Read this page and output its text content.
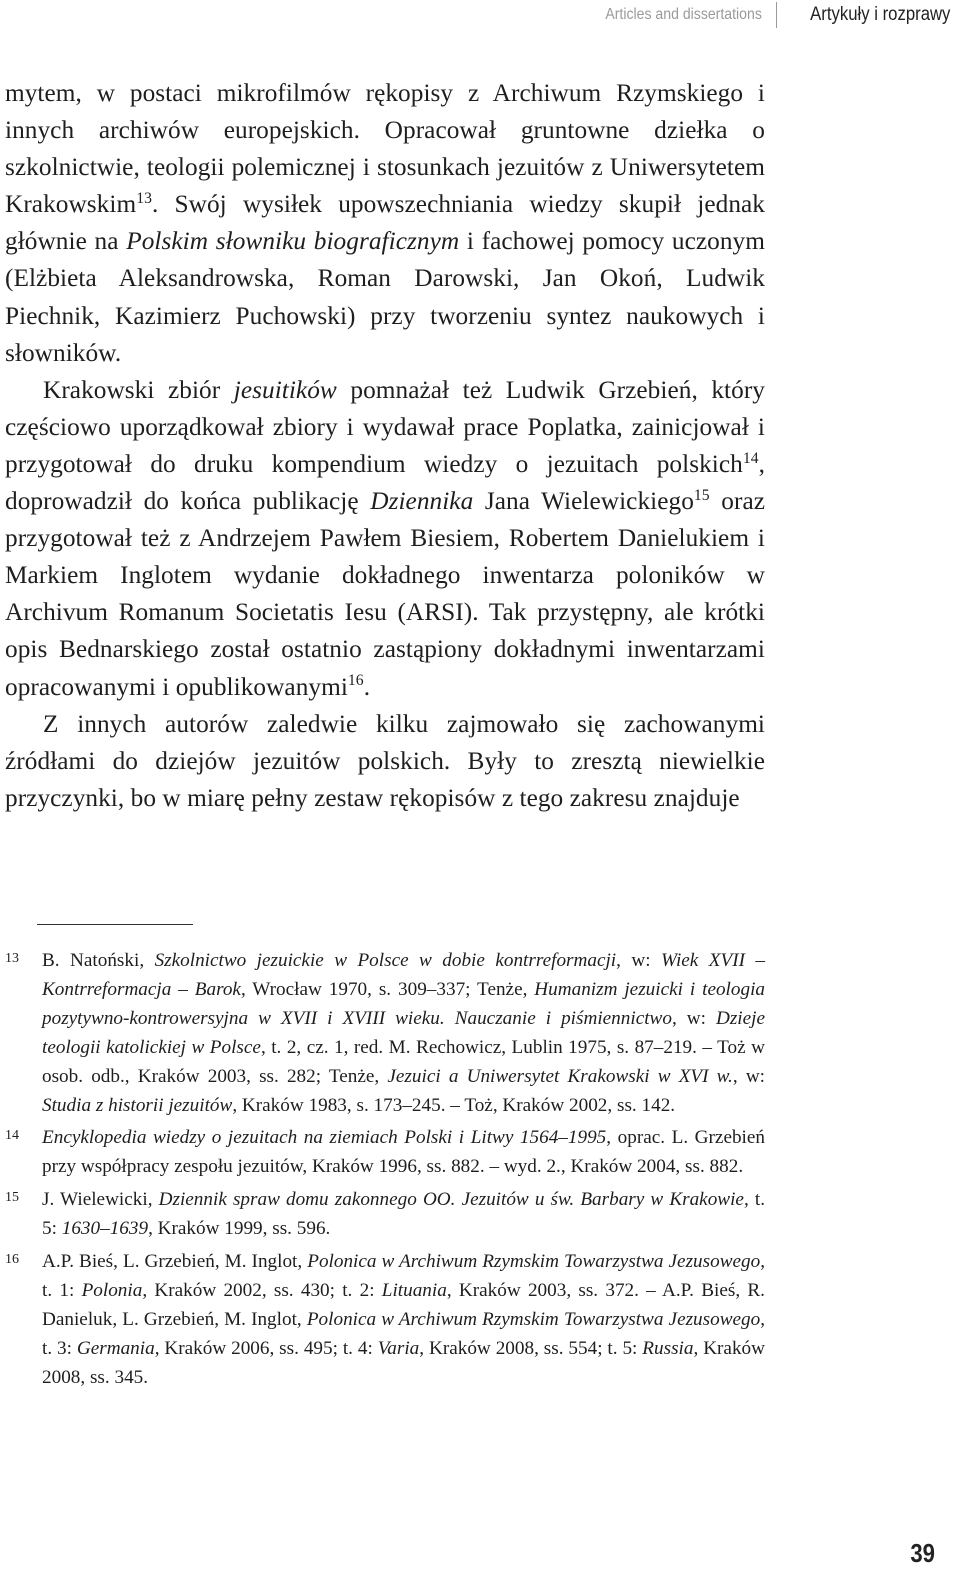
Articles and dissertations	Artykuły i rozprawy

mytem, w postaci mikrofilmów rękopisy z Archiwum Rzymskiego i innych archiwów europejskich. Opracował gruntowne dziełka o szkolnictwie, teologii polemicznej i stosunkach jezuitów z Uniwersytetem Krakowskim$^{13}$. Swój wysiłek upowszechniania wiedzy skupił jednak głównie na Polskim słowniku biograficznym i fachowej pomocy uczonym (Elżbieta Aleksandrowska, Roman Darowski, Jan Okoń, Ludwik Piechnik, Kazimierz Puchowski) przy tworzeniu syntez naukowych i słowników.

Krakowski zbiór jesuitików pomnażał też Ludwik Grzebień, który częściowo uporządkował zbiory i wydawał prace Poplatka, zainicjował i przygotował do druku kompendium wiedzy o jezuitach polskich$^{14}$, doprowadził do końca publikację Dziennika Jana Wielewickiego$^{15}$ oraz przygotował też z Andrzejem Pawłem Biesiem, Robertem Danielukiem i Markiem Inglotem wydanie dokładnego inwentarza poloników w Archivum Romanum Societatis Iesu (ARSI). Tak przystępny, ale krótki opis Bednarskiego został ostatnio zastąpiony dokładnymi inwentarzami opracowanymi i opublikowanymi$^{16}$.

Z innych autorów zaledwie kilku zajmowało się zachowanymi źródłami do dziejów jezuitów polskich. Były to zresztą niewielkie przyczynki, bo w miarę pełny zestaw rękopisów z tego zakresu znajduje

13	B. Natoński, Szkolnictwo jezuickie w Polsce w dobie kontrreformacji, w: Wiek XVII – Kontrreformacja – Barok, Wrocław 1970, s. 309–337; Tenże, Humanizm jezuicki i teologia pozytywno-kontrowersyjna w XVII i XVIII wieku. Nauczanie i piśmiennictwo, w: Dzieje teologii katolickiej w Polsce, t. 2, cz. 1, red. M. Rechowicz, Lublin 1975, s. 87–219. – Toż w osob. odb., Kraków 2003, ss. 282; Tenże, Jezuici a Uniwersytet Krakowski w XVI w., w: Studia z historii jezuitów, Kraków 1983, s. 173–245. – Toż, Kraków 2002, ss. 142.
14	Encyklopedia wiedzy o jezuitach na ziemiach Polski i Litwy 1564–1995, oprac. L. Grzebień przy współpracy zespołu jezuitów, Kraków 1996, ss. 882. – wyd. 2., Kraków 2004, ss. 882.
15	J. Wielewicki, Dziennik spraw domu zakonnego OO. Jezuitów u św. Barbary w Krakowie, t. 5: 1630–1639, Kraków 1999, ss. 596.
16	A.P. Bieś, L. Grzebień, M. Inglot, Polonica w Archiwum Rzymskim Towarzystwa Jezusowego, t. 1: Polonia, Kraków 2002, ss. 430; t. 2: Lituania, Kraków 2003, ss. 372. – A.P. Bieś, R. Danieluk, L. Grzebień, M. Inglot, Polonica w Archiwum Rzymskim Towarzystwa Jezusowego, t. 3: Germania, Kraków 2006, ss. 495; t. 4: Varia, Kraków 2008, ss. 554; t. 5: Russia, Kraków 2008, ss. 345.
39
